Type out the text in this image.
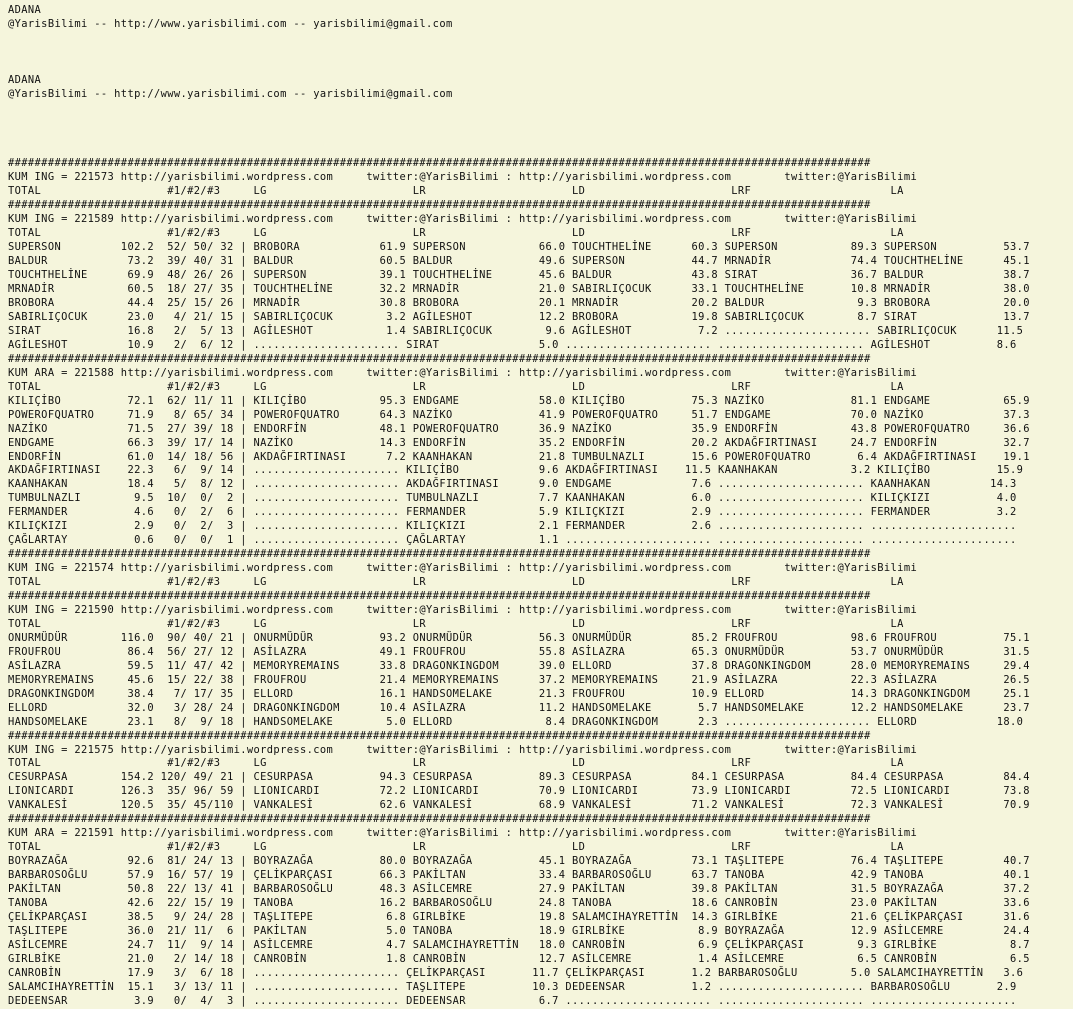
ADANA
@YarisBilimi -- http://www.yarisbilimi.com -- yarisbilimi@gmail.com

ADANA
@YarisBilimi -- http://www.yarisbilimi.com -- yarisbilimi@gmail.com

##################################################################################################################################
KUM ING = 221573 http://yarisbilimi.wordpress.com     twitter:@YarisBilimi : http://yarisbilimi.wordpress.com        twitter:@YarisBilimi
TOTAL                   #1/#2/#3     LG                      LR                      LD                      LRF                     LA
##################################################################################################################################
KUM ING = 221589 http://yarisbilimi.wordpress.com     twitter:@YarisBilimi : http://yarisbilimi.wordpress.com        twitter:@YarisBilimi
TOTAL                   #1/#2/#3     LG                      LR                      LD                      LRF                     LA
SUPERSON         102.2  52/ 50/ 32 | BROBORA            61.9 SUPERSON           66.0 TOUCHTHELİNE      60.3 SUPERSON           89.3 SUPERSON          53.7
BALDUR            73.2  39/ 40/ 31 | BALDUR             60.5 BALDUR             49.6 SUPERSON          44.7 MRNADİR            74.4 TOUCHTHELİNE      45.1
TOUCHTHELİNE      69.9  48/ 26/ 26 | SUPERSON           39.1 TOUCHTHELİNE       45.6 BALDUR            43.8 SIRAT              36.7 BALDUR            38.7
MRNADİR           60.5  18/ 27/ 35 | TOUCHTHELİNE       32.2 MRNADİR            21.0 SABIRLIÇOCUK      33.1 TOUCHTHELİNE       10.8 MRNADİR           38.0
BROBORA           44.4  25/ 15/ 26 | MRNADİR            30.8 BROBORA            20.1 MRNADİR           20.2 BALDUR              9.3 BROBORA           20.0
SABIRLIÇOCUK      23.0   4/ 21/ 15 | SABIRLIÇOCUK        3.2 AGİLESHOT          12.2 BROBORA           19.8 SABIRLIÇOCUK        8.7 SIRAT             13.7
SIRAT             16.8   2/  5/ 13 | AGİLESHOT           1.4 SABIRLIÇOCUK        9.6 AGİLESHOT          7.2 ...................... SABIRLIÇOCUK      11.5
AGİLESHOT         10.9   2/  6/ 12 | ...................... SIRAT               5.0 ...................... ...................... AGİLESHOT          8.6
##################################################################################################################################
KUM ARA = 221588 http://yarisbilimi.wordpress.com     twitter:@YarisBilimi : http://yarisbilimi.wordpress.com        twitter:@YarisBilimi
TOTAL                   #1/#2/#3     LG                      LR                      LD                      LRF                     LA
KILIÇİBO          72.1  62/ 11/ 11 | KILIÇİBO           95.3 ENDGAME            58.0 KILIÇİBO          75.3 NAZİKO             81.1 ENDGAME           65.9
POWEROFQUATRO     71.9   8/ 65/ 34 | POWEROFQUATRO      64.3 NAZİKO             41.9 POWEROFQUATRO     51.7 ENDGAME            70.0 NAZİKO            37.3
NAZİKO            71.5  27/ 39/ 18 | ENDORFİN           48.1 POWEROFQUATRO      36.9 NAZİKO            35.9 ENDORFİN           43.8 POWEROFQUATRO     36.6
ENDGAME           66.3  39/ 17/ 14 | NAZİKO             14.3 ENDORFİN           35.2 ENDORFİN          20.2 AKDAĞFIRTINASI     24.7 ENDORFİN          32.7
ENDORFİN          61.0  14/ 18/ 56 | AKDAĞFIRTINASI      7.2 KAANHAKAN          21.8 TUMBULNAZLI       15.6 POWEROFQUATRO       6.4 AKDAĞFIRTINASI    19.1
AKDAĞFIRTINASI    22.3   6/  9/ 14 | ...................... KILIÇİBO            9.6 AKDAĞFIRTINASI    11.5 KAANHAKAN           3.2 KILIÇİBO          15.9
KAANHAKAN         18.4   5/  8/ 12 | ...................... AKDAĞFIRTINASI      9.0 ENDGAME            7.6 ...................... KAANHAKAN         14.3
TUMBULNAZLI        9.5  10/  0/  2 | ...................... TUMBULNAZLI         7.7 KAANHAKAN          6.0 ...................... KILIÇKIZI          4.0
FERMANDER          4.6   0/  2/  6 | ...................... FERMANDER           5.9 KILIÇKIZI          2.9 ...................... FERMANDER          3.2
KILIÇKIZI          2.9   0/  2/  3 | ...................... KILIÇKIZI           2.1 FERMANDER          2.6 ...................... ......................
ÇAĞLARTAY          0.6   0/  0/  1 | ...................... ÇAĞLARTAY           1.1 ...................... ...................... ......................
##################################################################################################################################
KUM ING = 221574 http://yarisbilimi.wordpress.com     twitter:@YarisBilimi : http://yarisbilimi.wordpress.com        twitter:@YarisBilimi
TOTAL                   #1/#2/#3     LG                      LR                      LD                      LRF                     LA
##################################################################################################################################
KUM ING = 221590 http://yarisbilimi.wordpress.com     twitter:@YarisBilimi : http://yarisbilimi.wordpress.com        twitter:@YarisBilimi
TOTAL                   #1/#2/#3     LG                      LR                      LD                      LRF                     LA
ONURMÜDÜR        116.0  90/ 40/ 21 | ONURMÜDÜR          93.2 ONURMÜDÜR          56.3 ONURMÜDÜR         85.2 FROUFROU           98.6 FROUFROU          75.1
FROUFROU          86.4  56/ 27/ 12 | ASİLAZRA           49.1 FROUFROU           55.8 ASİLAZRA          65.3 ONURMÜDÜR          53.7 ONURMÜDÜR         31.5
ASİLAZRA          59.5  11/ 47/ 42 | MEMORYREMAINS      33.8 DRAGONKINGDOM      39.0 ELLORD            37.8 DRAGONKINGDOM      28.0 MEMORYREMAINS     29.4
MEMORYREMAINS     45.6  15/ 22/ 38 | FROUFROU           21.4 MEMORYREMAINS      37.2 MEMORYREMAINS     21.9 ASİLAZRA           22.3 ASİLAZRA          26.5
DRAGONKINGDOM     38.4   7/ 17/ 35 | ELLORD             16.1 HANDSOMELAKE       21.3 FROUFROU          10.9 ELLORD             14.3 DRAGONKINGDOM     25.1
ELLORD            32.0   3/ 28/ 24 | DRAGONKINGDOM      10.4 ASİLAZRA           11.2 HANDSOMELAKE       5.7 HANDSOMELAKE       12.2 HANDSOMELAKE      23.7
HANDSOMELAKE      23.1   8/  9/ 18 | HANDSOMELAKE        5.0 ELLORD              8.4 DRAGONKINGDOM      2.3 ...................... ELLORD            18.0
##################################################################################################################################
KUM ING = 221575 http://yarisbilimi.wordpress.com     twitter:@YarisBilimi : http://yarisbilimi.wordpress.com        twitter:@YarisBilimi
TOTAL                   #1/#2/#3     LG                      LR                      LD                      LRF                     LA
CESURPASA        154.2 120/ 49/ 21 | CESURPASA          94.3 CESURPASA          89.3 CESURPASA         84.1 CESURPASA          84.4 CESURPASA         84.4
LIONICARDI       126.3  35/ 96/ 59 | LIONICARDI         72.2 LIONICARDI         70.9 LIONICARDI        73.9 LIONICARDI         72.5 LIONICARDI        73.8
VANKALESİ        120.5  35/ 45/110 | VANKALESİ          62.6 VANKALESİ          68.9 VANKALESİ         71.2 VANKALESİ          72.3 VANKALESİ         70.9
##################################################################################################################################
KUM ARA = 221591 http://yarisbilimi.wordpress.com     twitter:@YarisBilimi : http://yarisbilimi.wordpress.com        twitter:@YarisBilimi
TOTAL                   #1/#2/#3     LG                      LR                      LD                      LRF                     LA
BOYRAZAĞA         92.6  81/ 24/ 13 | BOYRAZAĞA          80.0 BOYRAZAĞA          45.1 BOYRAZAĞA         73.1 TAŞLITEPE          76.4 TAŞLITEPE         40.7
BARBAROSOĞLU      57.9  16/ 57/ 19 | ÇELİKPARÇASI       66.3 PAKİLTAN           33.4 BARBAROSOĞLU      63.7 TANOBA             42.9 TANOBA            40.1
PAKİLTAN          50.8  22/ 13/ 41 | BARBAROSOĞLU       48.3 ASİLCEMRE          27.9 PAKİLTAN          39.8 PAKİLTAN           31.5 BOYRAZAĞA         37.2
TANOBA            42.6  22/ 15/ 19 | TANOBA             16.2 BARBAROSOĞLU       24.8 TANOBA            18.6 CANROBİN           23.0 PAKİLTAN          33.6
ÇELİKPARÇASI      38.5   9/ 24/ 28 | TAŞLITEPE           6.8 GIRLBİKE           19.8 SALAMCIHAYRETTİN  14.3 GIRLBİKE           21.6 ÇELİKPARÇASI      31.6
TAŞLITEPE         36.0  21/ 11/  6 | PAKİLTAN            5.0 TANOBA             18.9 GIRLBİKE           8.9 BOYRAZAĞA          12.9 ASİLCEMRE         24.4
ASİLCEMRE         24.7  11/  9/ 14 | ASİLCEMRE           4.7 SALAMCIHAYRETTİN   18.0 CANROBİN           6.9 ÇELİKPARÇASI        9.3 GIRLBİKE           8.7
GIRLBİKE          21.0   2/ 14/ 18 | CANROBİN            1.8 CANROBİN           12.7 ASİLCEMRE          1.4 ASİLCEMRE           6.5 CANROBİN           6.5
CANROBİN          17.9   3/  6/ 18 | ...................... ÇELİKPARÇASI       11.7 ÇELİKPARÇASI       1.2 BARBAROSOĞLU        5.0 SALAMCIHAYRETTİN   3.6
SALAMCIHAYRETTİN  15.1   3/ 13/ 11 | ...................... TAŞLITEPE          10.3 DEDEENSAR          1.2 ...................... BARBAROSOĞLU       2.9
DEDEENSAR          3.9   0/  4/  3 | ...................... DEDEENSAR           6.7 ...................... ...................... ......................
